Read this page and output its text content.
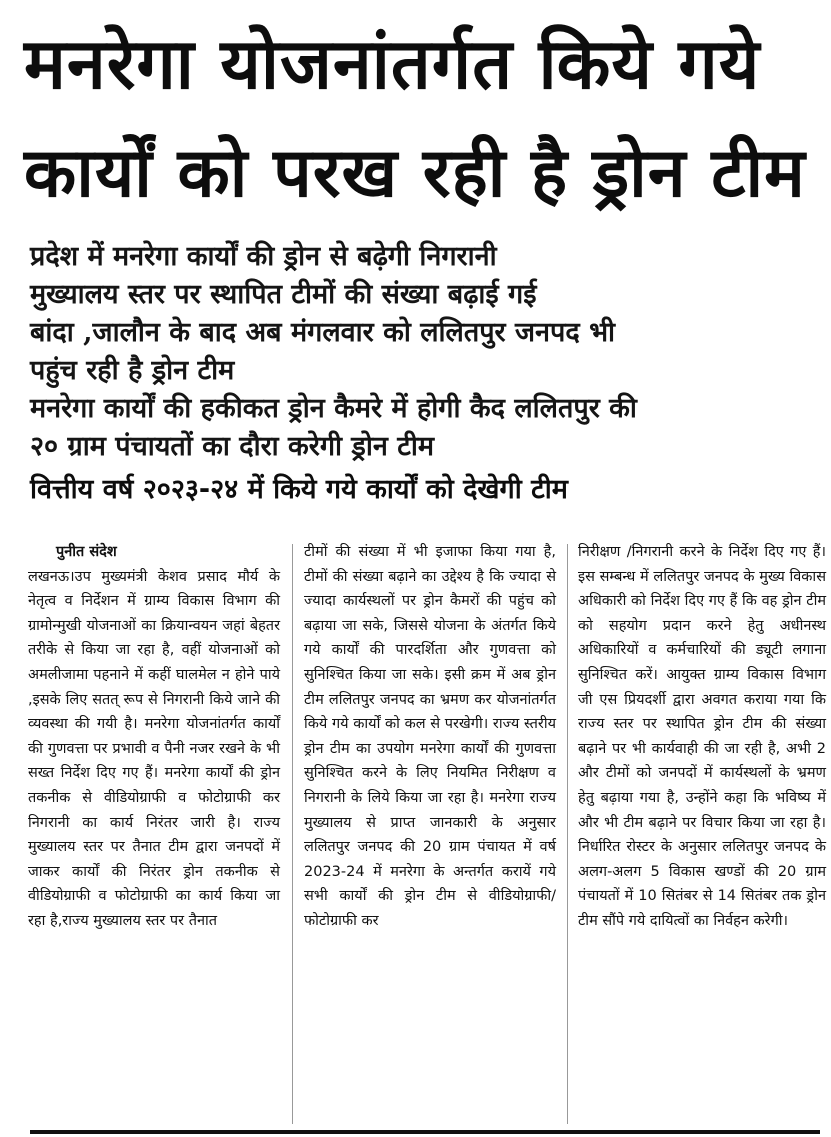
मनरेगा योजनांतर्गत किये गये
कार्यों को परख रही है ड्रोन टीम
प्रदेश में मनरेगा कार्यों की ड्रोन से बढ़ेगी निगरानी
मुख्यालय स्तर पर स्थापित टीमों की संख्या बढ़ाई गई
बांदा ,जालौन के बाद अब मंगलवार को ललितपुर जनपद भी
पहुंच रही है ड्रोन टीम
मनरेगा कार्यों की हकीकत ड्रोन कैमरे में होगी कैद ललितपुर की
२० ग्राम पंचायतों का दौरा करेगी ड्रोन टीम
वित्तीय वर्ष २०२३-२४ में किये गये कार्यों को देखेगी टीम
पुनीत संदेश
लखनऊ।उप मुख्यमंत्री केशव प्रसाद मौर्य के नेतृत्व व निर्देशन में ग्राम्य विकास विभाग की ग्रामोन्मुखी योजनाओं का क्रियान्वयन जहां बेहतर तरीके से किया जा रहा है, वहीं योजनाओं को अमलीजामा पहनाने में कहीं घालमेल न होने पाये ,इसके लिए सतत् रूप से निगरानी किये जाने की व्यवस्था की गयी है। मनरेगा योजनांतर्गत कार्यों की गुणवत्ता पर प्रभावी व पैनी नजर रखने के भी सख्त निर्देश दिए गए हैं। मनरेगा कार्यों की ड्रोन तकनीक से वीडियोग्राफी व फोटोग्राफी कर निगरानी का कार्य निरंतर जारी है। राज्य मुख्यालय स्तर पर तैनात टीम द्वारा जनपदों में जाकर कार्यों की निरंतर ड्रोन तकनीक से वीडियोग्राफी व फोटोग्राफी का कार्य किया जा रहा है,राज्य मुख्यालय स्तर पर तैनात
टीमों की संख्या में भी इजाफा किया गया है, टीमों की संख्या बढ़ाने का उद्देश्य है कि ज्यादा से ज्यादा कार्यस्थलों पर ड्रोन कैमरों की पहुंच को बढ़ाया जा सके, जिससे योजना के अंतर्गत किये गये कार्यों की पारदर्शिता और गुणवत्ता को सुनिश्चित किया जा सके। इसी क्रम में अब ड्रोन टीम ललितपुर जनपद का भ्रमण कर योजनांतर्गत किये गये कार्यों को कल से परखेगी। राज्य स्तरीय ड्रोन टीम का उपयोग मनरेगा कार्यों की गुणवत्ता सुनिश्चित करने के लिए नियमित निरीक्षण व निगरानी के लिये किया जा रहा है। मनरेगा राज्य मुख्यालय से प्राप्त जानकारी के अनुसार ललितपुर जनपद की 20 ग्राम पंचायत में वर्ष 2023-24 में मनरेगा के अन्तर्गत करायें गये सभी कार्यों की ड्रोन टीम से वीडियोग्राफी/ फोटोग्राफी कर
निरीक्षण /निगरानी करने के निर्देश दिए गए हैं। इस सम्बन्ध में ललितपुर जनपद के मुख्य विकास अधिकारी को निर्देश दिए गए हैं कि वह ड्रोन टीम को सहयोग प्रदान करने हेतु अधीनस्थ अधिकारियों व कर्मचारियों की ड्यूटी लगाना सुनिश्चित करें। आयुक्त ग्राम्य विकास विभाग जी एस प्रियदर्शी द्वारा अवगत कराया गया कि राज्य स्तर पर स्थापित ड्रोन टीम की संख्या बढ़ाने पर भी कार्यवाही की जा रही है, अभी 2 और टीमों को जनपदों में कार्यस्थलों के भ्रमण हेतु बढ़ाया गया है, उन्होंने कहा कि भविष्य में और भी टीम बढ़ाने पर विचार किया जा रहा है।निर्धारित रोस्टर के अनुसार ललितपुर जनपद के अलग-अलग 5 विकास खण्डों की 20 ग्राम पंचायतों में 10 सितंबर से 14 सितंबर तक ड्रोन टीम सौंपे गये दायित्वों का निर्वहन करेगी।
